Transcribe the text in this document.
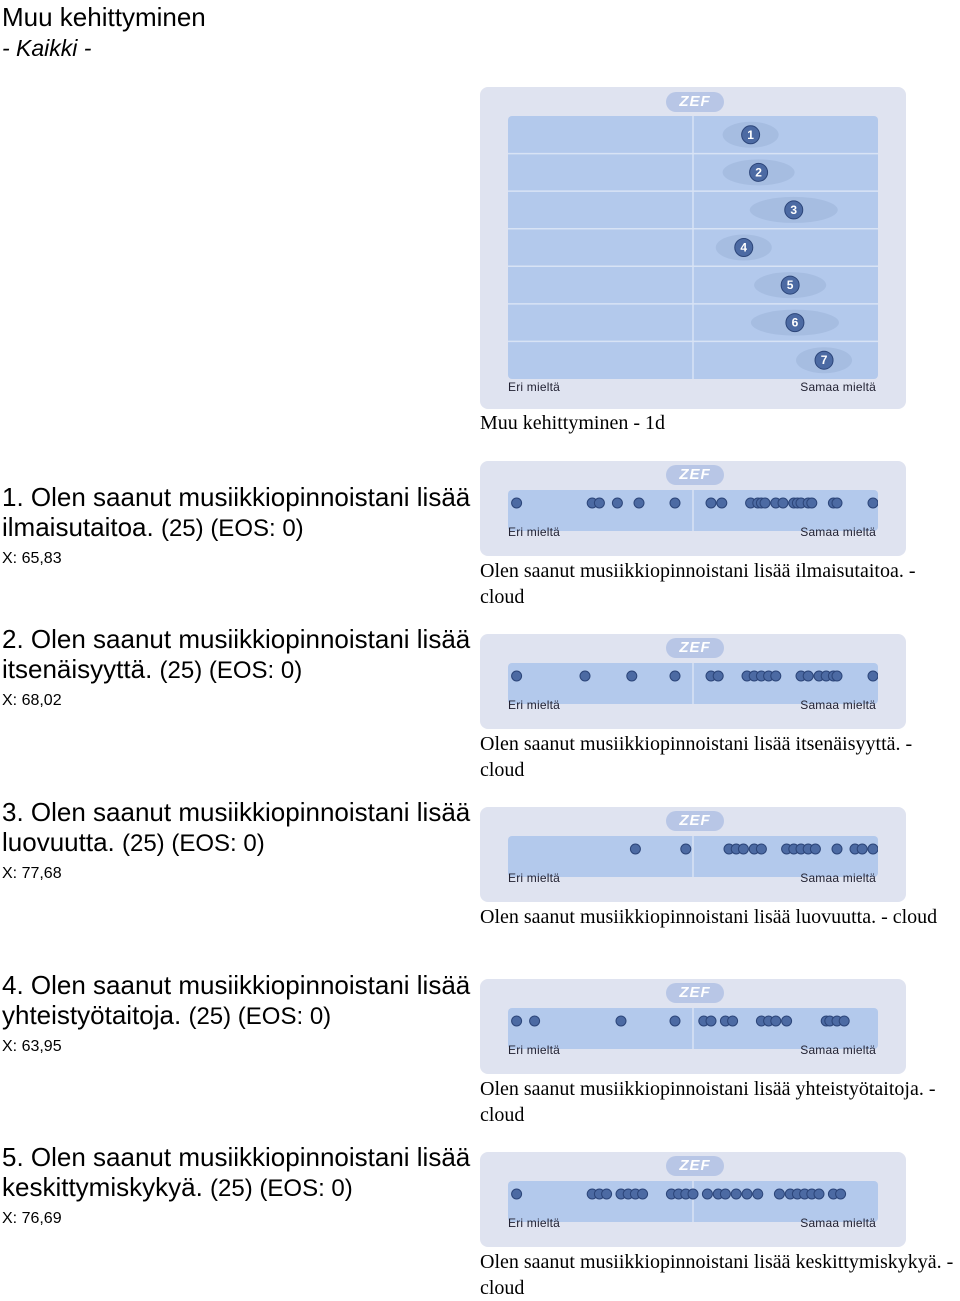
Muu kehittyminen
- Kaikki -
1. Olen saanut musiikkiopinnoistani lisää ilmaisutaitoa. (25) (EOS: 0)
X: 65,83
2. Olen saanut musiikkiopinnoistani lisää itsenäisyyttä. (25) (EOS: 0)
X: 68,02
3. Olen saanut musiikkiopinnoistani lisää luovuutta. (25) (EOS: 0)
X: 77,68
4. Olen saanut musiikkiopinnoistani lisää yhteistyötaitoja. (25) (EOS: 0)
X: 63,95
5. Olen saanut musiikkiopinnoistani lisää keskittymiskykyä. (25) (EOS: 0)
X: 76,69
ZEF
1
2
3
4
5
6
7
Eri mieltä	Samaa mieltä
Muu kehittyminen - 1d
ZEF
Eri mieltä	Samaa mieltä
Olen saanut musiikkiopinnoistani lisää ilmaisutaitoa. - cloud
ZEF
Eri mieltä	Samaa mieltä
Olen saanut musiikkiopinnoistani lisää itsenäisyyttä. - cloud
ZEF
Eri mieltä	Samaa mieltä
Olen saanut musiikkiopinnoistani lisää luovuutta. - cloud
ZEF
Eri mieltä	Samaa mieltä
Olen saanut musiikkiopinnoistani lisää yhteistyötaitoja. - cloud
ZEF
Eri mieltä	Samaa mieltä
Olen saanut musiikkiopinnoistani lisää keskittymiskykyä. - cloud
